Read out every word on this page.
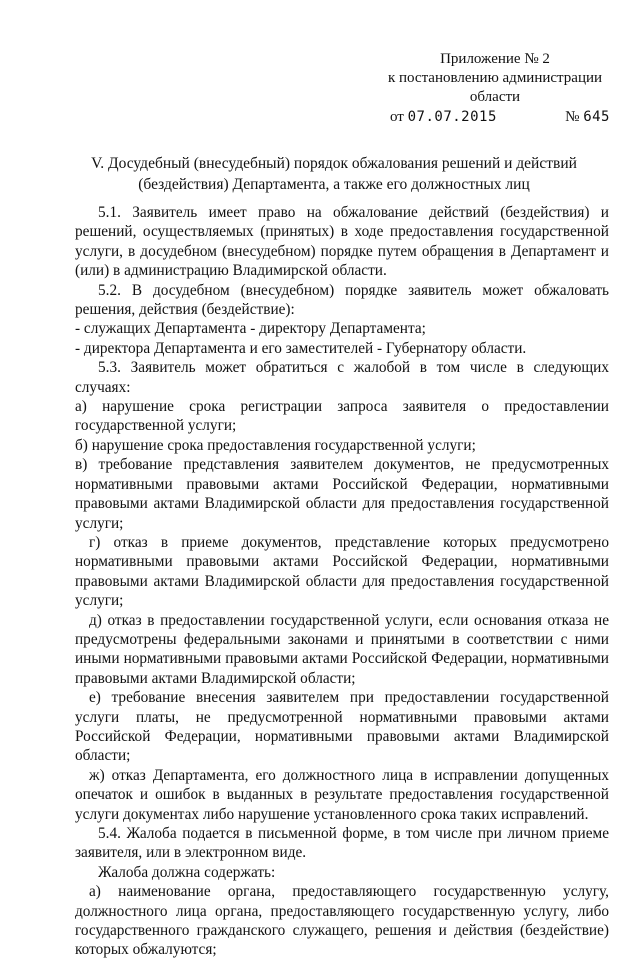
Приложение № 2
к постановлению администрации
области
от 07.07.2015	№ 645
V. Досудебный (внесудебный) порядок обжалования решений и действий
(бездействия) Департамента, а также его должностных лиц

5.1. Заявитель имеет право на обжалование действий (бездействия) и решений, осуществляемых (принятых) в ходе предоставления государственной услуги, в досудебном (внесудебном) порядке путем обращения в Департамент и (или) в администрацию Владимирской области.

5.2. В досудебном (внесудебном) порядке заявитель может обжаловать решения, действия (бездействие):

- служащих Департамента - директору Департамента;

- директора Департамента и его заместителей - Губернатору области.

5.3. Заявитель может обратиться с жалобой в том числе в следующих случаях:

а) нарушение срока регистрации запроса заявителя о предоставлении государственной услуги;

б) нарушение срока предоставления государственной услуги;

в) требование представления заявителем документов, не предусмотренных нормативными правовыми актами Российской Федерации, нормативными правовыми актами Владимирской области для предоставления государственной услуги;

г) отказ в приеме документов, представление которых предусмотрено нормативными правовыми актами Российской Федерации, нормативными правовыми актами Владимирской области для предоставления государственной услуги;

д) отказ в предоставлении государственной услуги, если основания отказа не предусмотрены федеральными законами и принятыми в соответствии с ними иными нормативными правовыми актами Российской Федерации, нормативными правовыми актами Владимирской области;

е) требование внесения заявителем при предоставлении государственной услуги платы, не предусмотренной нормативными правовыми актами Российской Федерации, нормативными правовыми актами Владимирской области;

ж) отказ Департамента, его должностного лица в исправлении допущенных опечаток и ошибок в выданных в результате предоставления государственной услуги документах либо нарушение установленного срока таких исправлений.

5.4. Жалоба подается в письменной форме, в том числе при личном приеме заявителя, или в электронном виде.

Жалоба должна содержать:

а) наименование органа, предоставляющего государственную услугу, должностного лица органа, предоставляющего государственную услугу, либо государственного гражданского служащего, решения и действия (бездействие) которых обжалуются;
